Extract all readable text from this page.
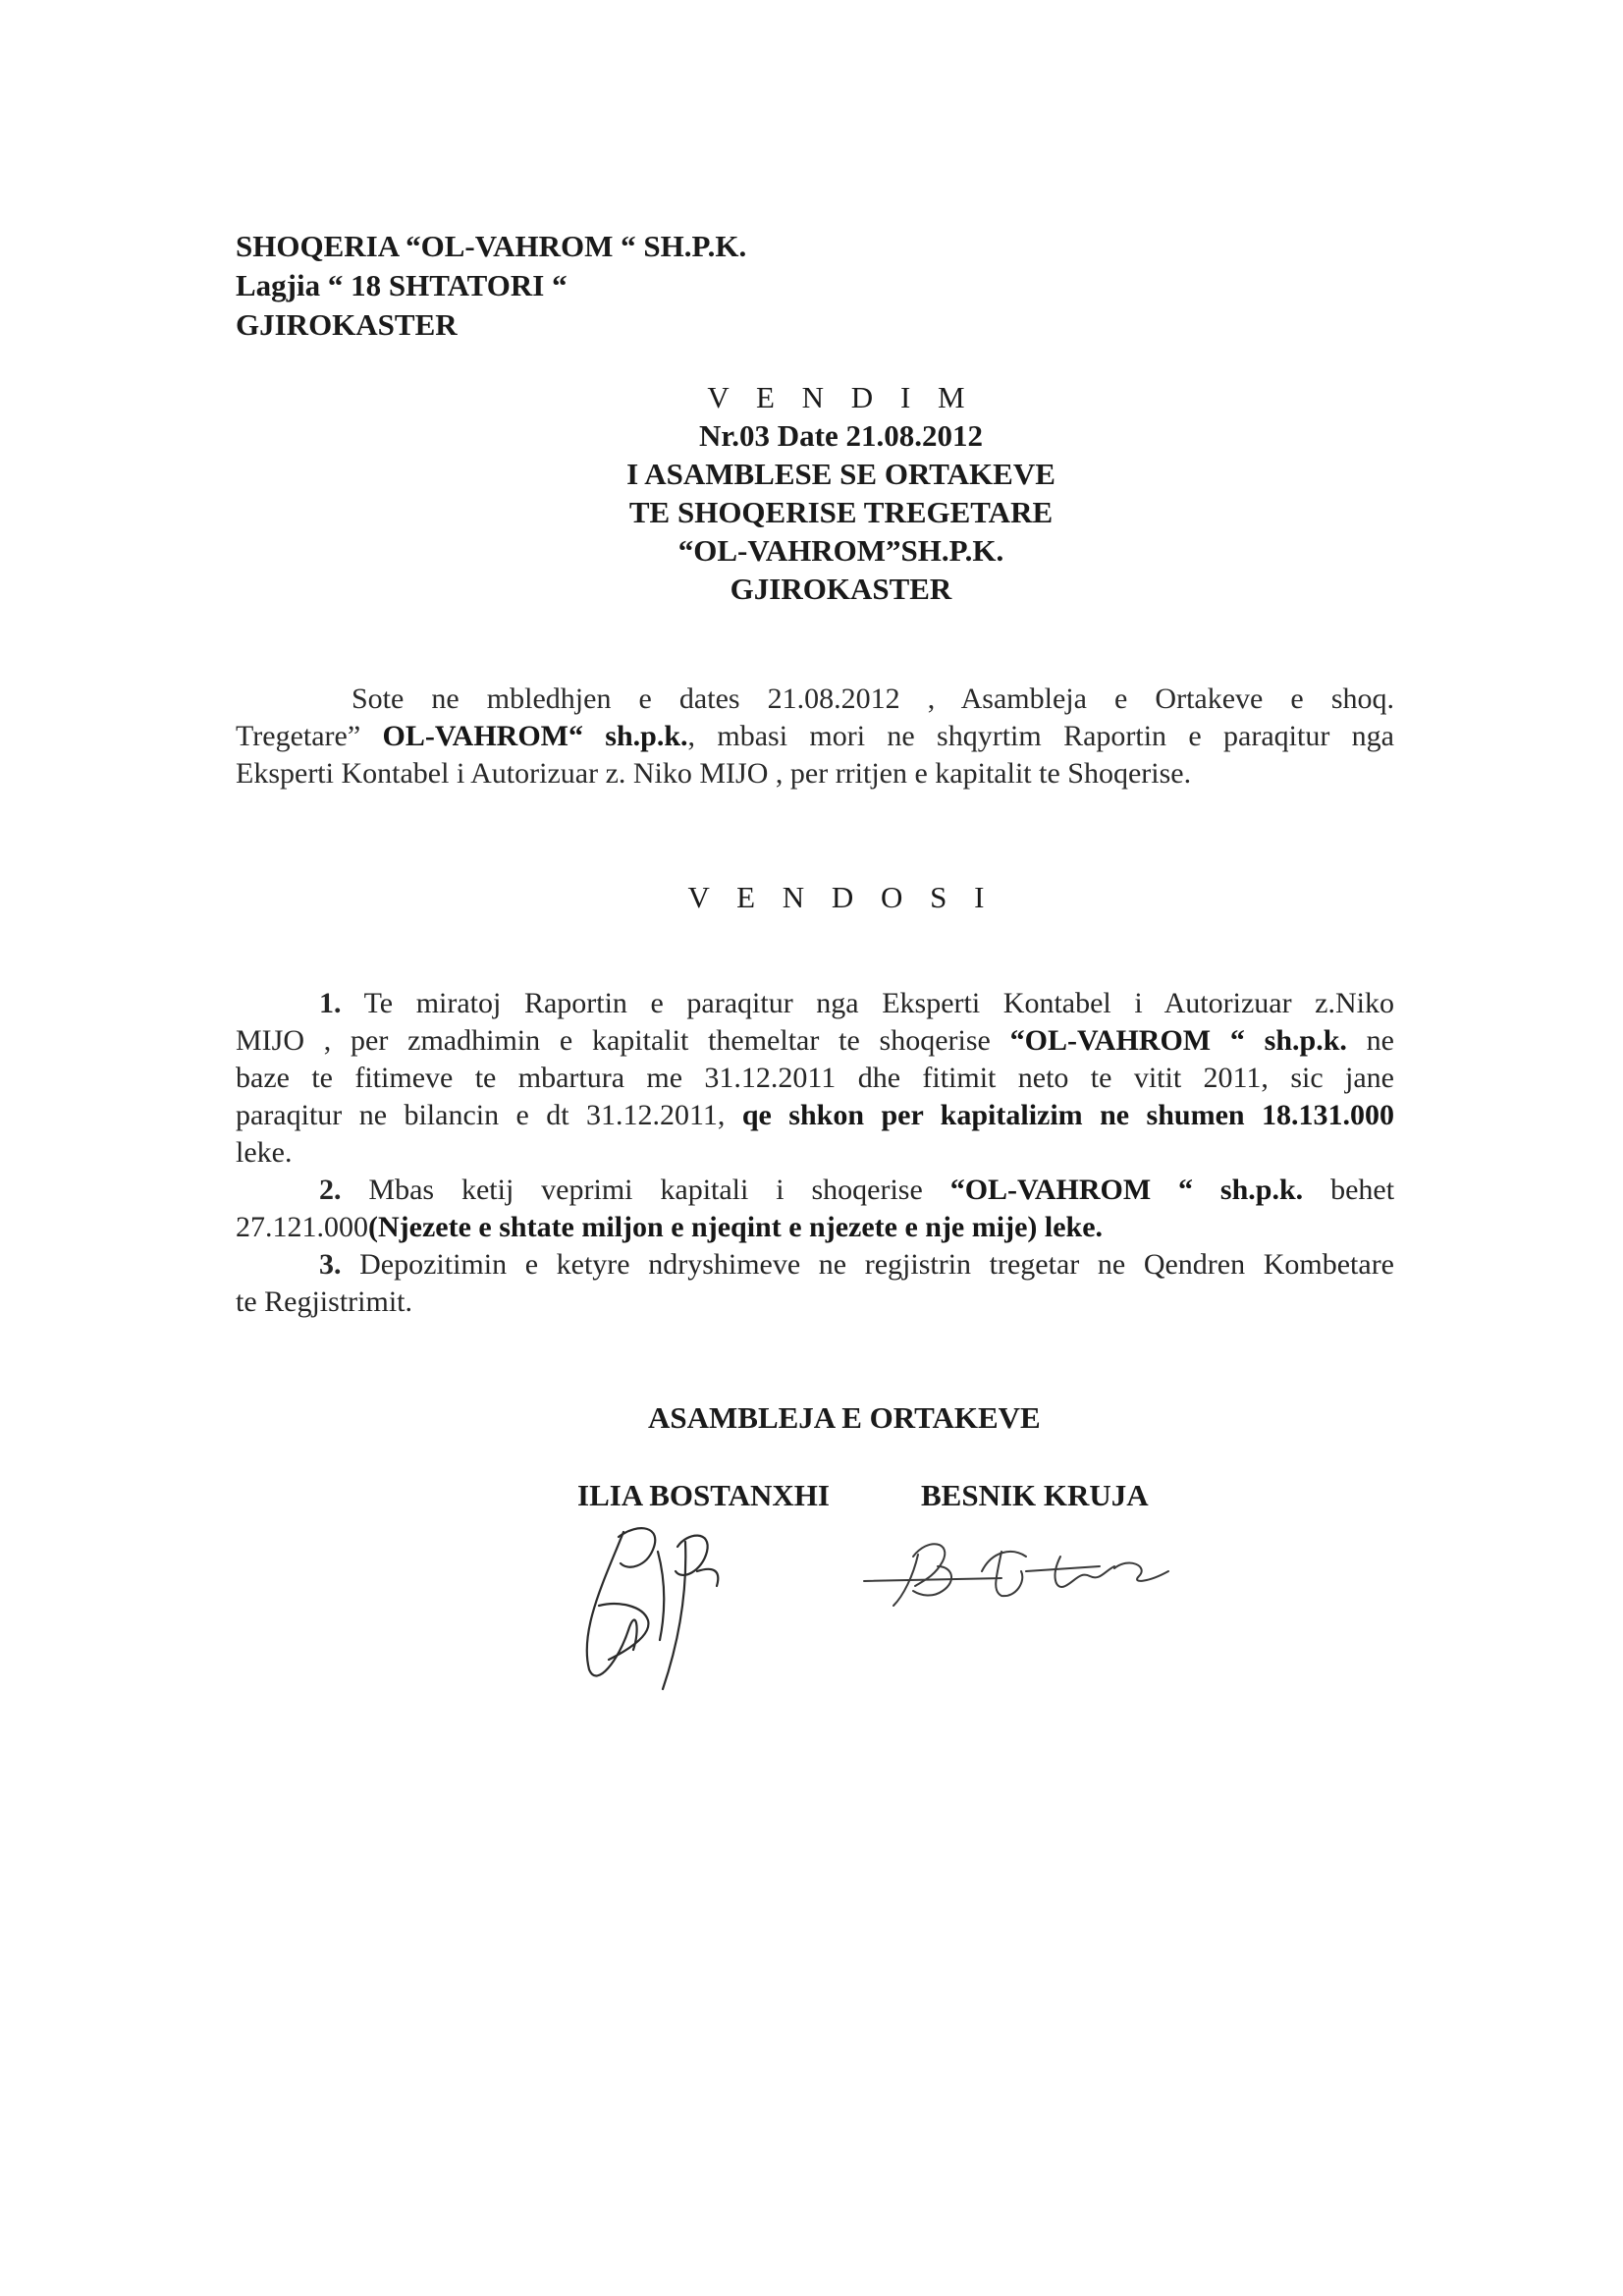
SHOQERIA “OL-VAHROM “ SH.P.K.
Lagjia “ 18 SHTATORI “
GJIROKASTER
V E N D I M
Nr.03 Date 21.08.2012
I ASAMBLESE SE ORTAKEVE
TE SHOQERISE TREGETARE
“OL-VAHROM”SH.P.K.
GJIROKASTER
Sote ne mbledhjen e dates 21.08.2012 , Asambleja e Ortakeve e shoq.
Tregetare” OL-VAHROM“ sh.p.k., mbasi mori ne shqyrtim Raportin e paraqitur nga
Eksperti Kontabel i Autorizuar z. Niko MIJO , per rritjen e kapitalit te Shoqerise.
V E N D O S I
1. Te miratoj Raportin e paraqitur nga Eksperti Kontabel i Autorizuar z.Niko
MIJO , per zmadhimin e kapitalit themeltar te shoqerise “OL-VAHROM “ sh.p.k. ne
baze te fitimeve te mbartura me 31.12.2011 dhe fitimit neto te vitit 2011, sic jane
paraqitur ne bilancin e dt 31.12.2011, qe shkon per kapitalizim ne shumen 18.131.000
leke.
2. Mbas ketij veprimi kapitali i shoqerise “OL-VAHROM “ sh.p.k. behet
27.121.000(Njezete e shtate miljon e njeqint e njezete e nje mije) leke.
3. Depozitimin e ketyre ndryshimeve ne regjistrin tregetar ne Qendren Kombetare
te Regjistrimit.
ASAMBLEJA E ORTAKEVE
ILIA BOSTANXHI	BESNIK KRUJA
